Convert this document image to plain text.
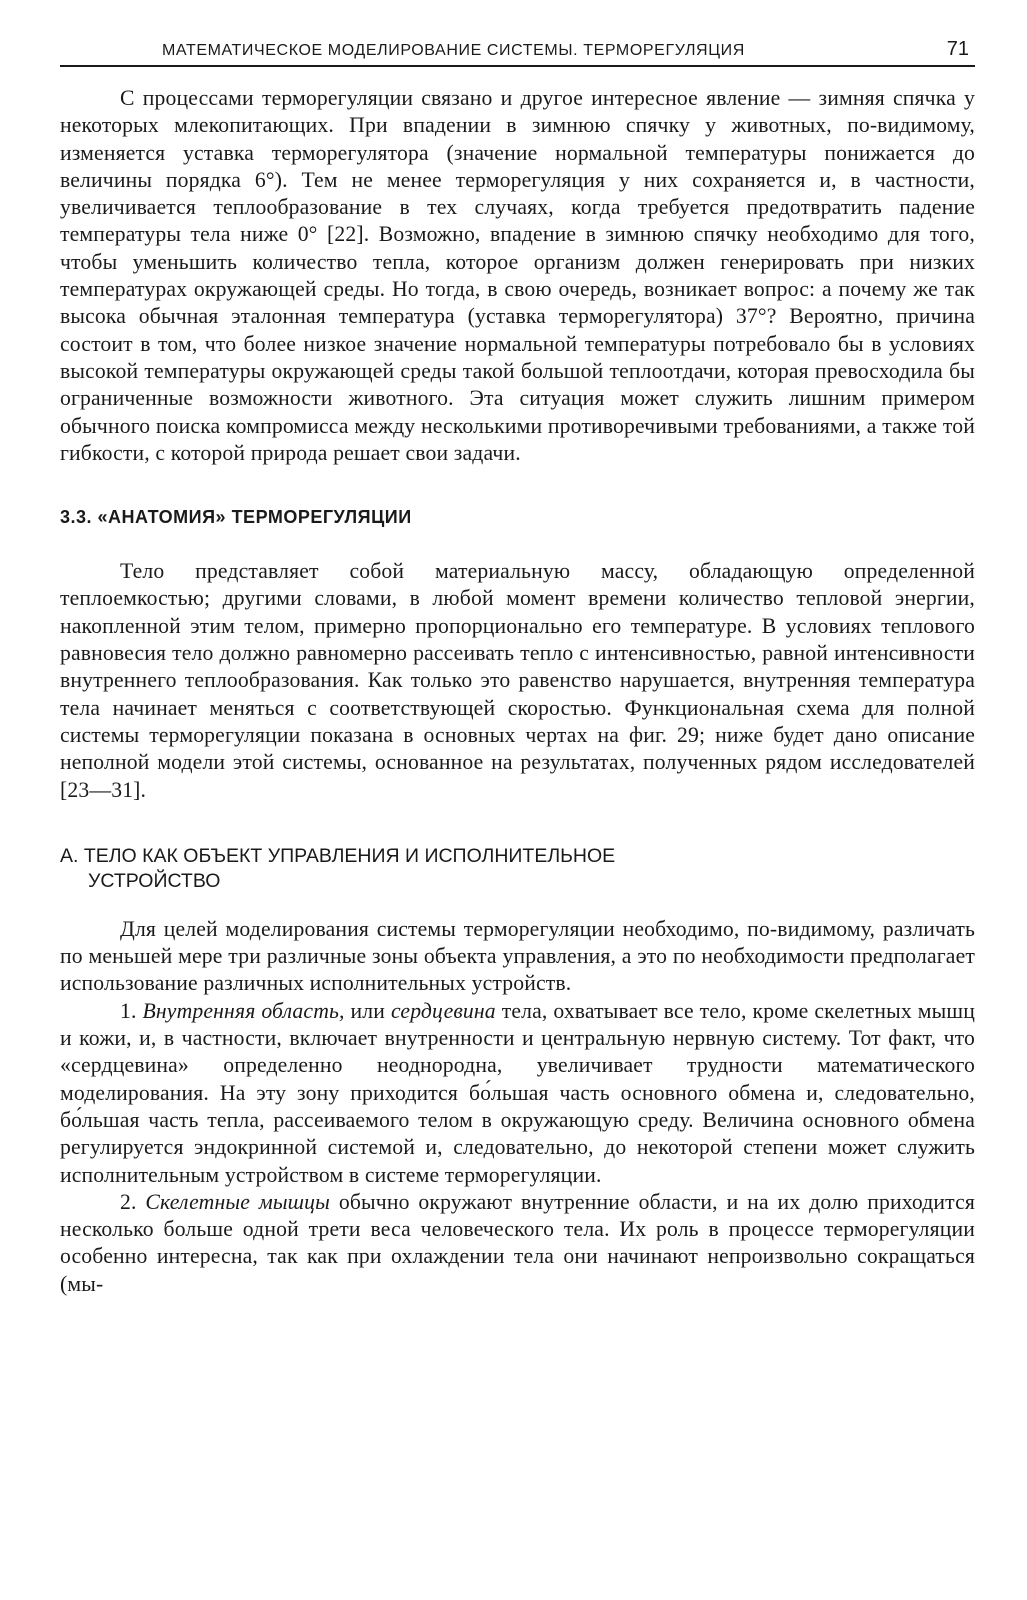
МАТЕМАТИЧЕСКОЕ МОДЕЛИРОВАНИЕ СИСТЕМЫ. ТЕРМОРЕГУЛЯЦИЯ	71

С процессами терморегуляции связано и другое интересное явление — зимняя спячка у некоторых млекопитающих. При впадении в зимнюю спячку у животных, по-видимому, изменяется уставка терморегулятора (значение нормальной температуры понижается до величины порядка 6°). Тем не менее терморегуляция у них сохраняется и, в частности, увеличивается теплообразование в тех случаях, когда требуется предотвратить падение температуры тела ниже 0° [22]. Возможно, впадение в зимнюю спячку необходимо для того, чтобы уменьшить количество тепла, которое организм должен генерировать при низких температурах окружающей среды. Но тогда, в свою очередь, возникает вопрос: а почему же так высока обычная эталонная температура (уставка терморегулятора) 37°? Вероятно, причина состоит в том, что более низкое значение нормальной температуры потребовало бы в условиях высокой температуры окружающей среды такой большой теплоотдачи, которая превосходила бы ограниченные возможности животного. Эта ситуация может служить лишним примером обычного поиска компромисса между несколькими противоречивыми требованиями, а также той гибкости, с которой природа решает свои задачи.

3.3. «АНАТОМИЯ» ТЕРМОРЕГУЛЯЦИИ

Тело представляет собой материальную массу, обладающую определенной теплоемкостью; другими словами, в любой момент времени количество тепловой энергии, накопленной этим телом, примерно пропорционально его температуре. В условиях теплового равновесия тело должно равномерно рассеивать тепло с интенсивностью, равной интенсивности внутреннего теплообразования. Как только это равенство нарушается, внутренняя температура тела начинает меняться с соответствующей скоростью. Функциональная схема для полной системы терморегуляции показана в основных чертах на фиг. 29; ниже будет дано описание неполной модели этой системы, основанное на результатах, полученных рядом исследователей [23—31].

А. ТЕЛО КАК ОБЪЕКТ УПРАВЛЕНИЯ И ИСПОЛНИТЕЛЬНОЕ
УСТРОЙСТВО

Для целей моделирования системы терморегуляции необходимо, по-видимому, различать по меньшей мере три различные зоны объекта управления, а это по необходимости предполагает использование различных исполнительных устройств.

1. Внутренняя область, или сердцевина тела, охватывает все тело, кроме скелетных мышц и кожи, и, в частности, включает внутренности и центральную нервную систему. Тот факт, что «сердцевина» определенно неоднородна, увеличивает трудности математического моделирования. На эту зону приходится бо́льшая часть основного обмена и, следовательно, бо́льшая часть тепла, рассеиваемого телом в окружающую среду. Величина основного обмена регулируется эндокринной системой и, следовательно, до некоторой степени может служить исполнительным устройством в системе терморегуляции.

2. Скелетные мышцы обычно окружают внутренние области, и на их долю приходится несколько больше одной трети веса человеческого тела. Их роль в процессе терморегуляции особенно интересна, так как при охлаждении тела они начинают непроизвольно сокращаться (мы-
